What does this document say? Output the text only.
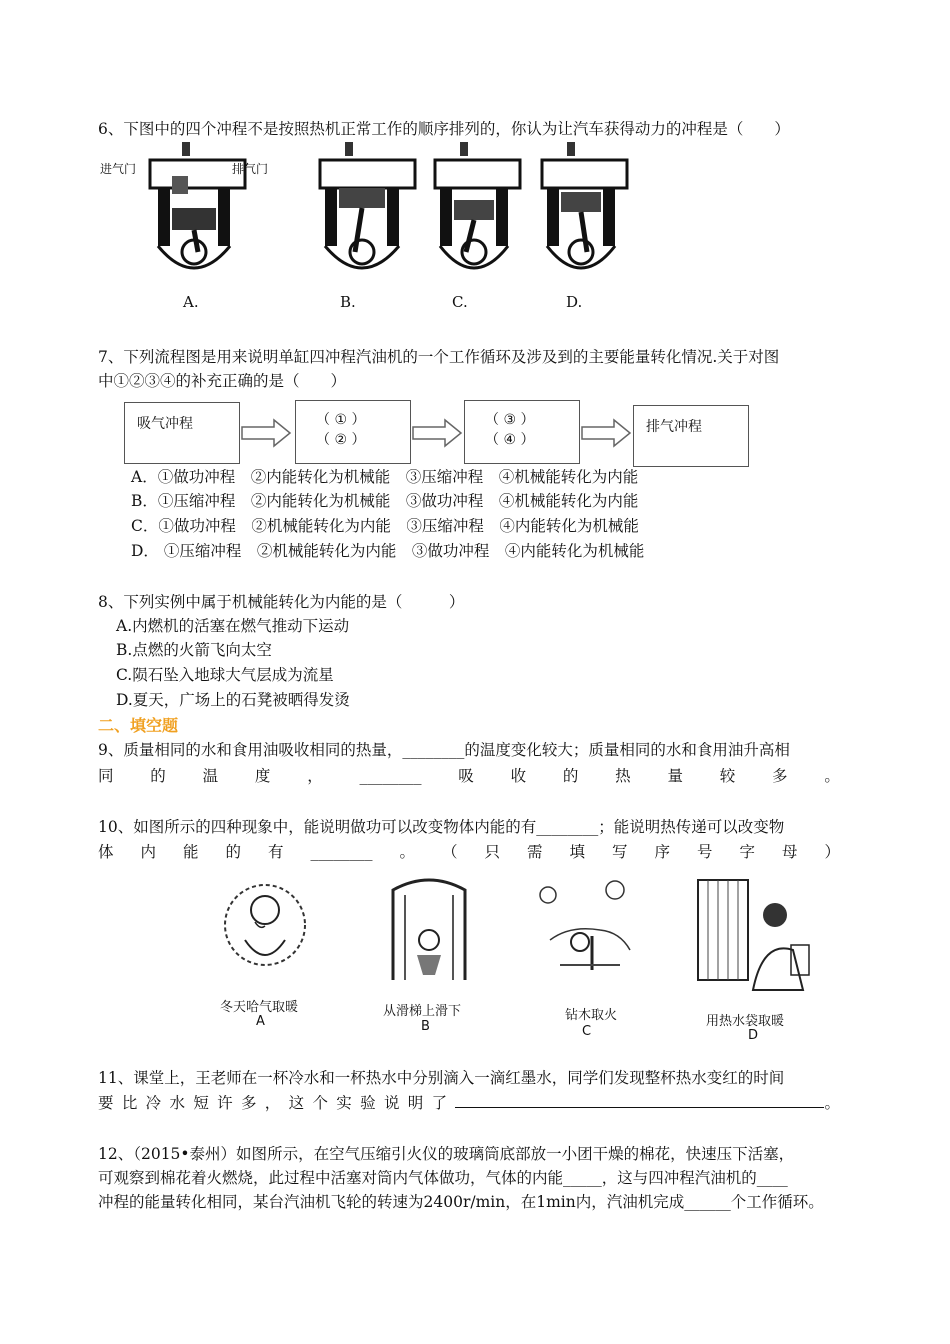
6、下图中的四个冲程不是按照热机正常工作的顺序排列的，你认为让汽车获得动力的冲程是（　　）
进气门	排气门
A.	B.	C.	D.
7、下列流程图是用来说明单缸四冲程汽油机的一个工作循环及涉及到的主要能量转化情况.关于对图
中①②③④的补充正确的是（　　）
吸气冲程	（ ① ）
（ ② ）
（ ③ ）
（ ④ ）
排气冲程
A．①做功冲程　②内能转化为机械能　③压缩冲程　④机械能转化为内能
B．①压缩冲程　②内能转化为机械能　③做功冲程　④机械能转化为内能
C．①做功冲程　②机械能转化为内能　③压缩冲程　④内能转化为机械能
D． ①压缩冲程　②机械能转化为内能　③做功冲程　④内能转化为机械能
8、下列实例中属于机械能转化为内能的是（　　　）
A.内燃机的活塞在燃气推动下运动
B.点燃的火箭飞向太空
C.陨石坠入地球大气层成为流星
D.夏天，广场上的石凳被晒得发烫
二、填空题
9、质量相同的水和食用油吸收相同的热量，________的温度变化较大；质量相同的水和食用油升高相
同 的 温 度 ， ________ 吸 收 的 热 量 较 多 。
10、如图所示的四种现象中，能说明做功可以改变物体内能的有________；能说明热传递可以改变物
体 内 能 的 有 ________ 。 （ 只 需 填 写 序 号 字 母 ）
冬天哈气取暖
A
从滑梯上滑下
B
钻木取火
C
用热水袋取暖
D
11、课堂上，王老师在一杯冷水和一杯热水中分别滴入一滴红墨水，同学们发现整杯热水变红的时间
要 比 冷 水 短 许 多 ， 这 个 实 验 说 明 了	。
12、（2015•泰州）如图所示，在空气压缩引火仪的玻璃筒底部放一小团干燥的棉花，快速压下活塞，
可观察到棉花着火燃烧，此过程中活塞对筒内气体做功，气体的内能_____，这与四冲程汽油机的____
冲程的能量转化相同，某台汽油机飞轮的转速为2400r/min，在1min内，汽油机完成______个工作循环。
